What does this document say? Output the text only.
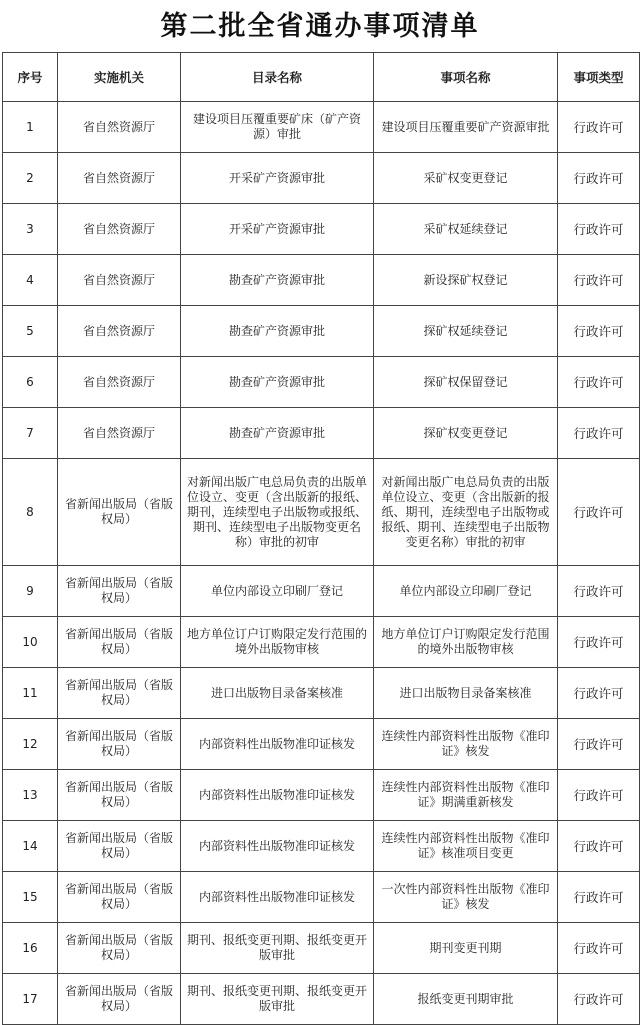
第二批全省通办事项清单
序号	实施机关	目录名称	事项名称	事项类型
1	省自然资源厅	建设项目压覆重要矿床（矿产资源）审批	建设项目压覆重要矿产资源审批	行政许可
2	省自然资源厅	开采矿产资源审批	采矿权变更登记	行政许可
3	省自然资源厅	开采矿产资源审批	采矿权延续登记	行政许可
4	省自然资源厅	勘查矿产资源审批	新设探矿权登记	行政许可
5	省自然资源厅	勘查矿产资源审批	探矿权延续登记	行政许可
6	省自然资源厅	勘查矿产资源审批	探矿权保留登记	行政许可
7	省自然资源厅	勘查矿产资源审批	探矿权变更登记	行政许可
8	省新闻出版局（省版权局）	对新闻出版广电总局负责的出版单位设立、变更（含出版新的报纸、期刊，连续型电子出版物或报纸、期刊、连续型电子出版物变更名称）审批的初审	对新闻出版广电总局负责的出版单位设立、变更（含出版新的报纸、期刊，连续型电子出版物或报纸、期刊、连续型电子出版物变更名称）审批的初审	行政许可
9	省新闻出版局（省版权局）	单位内部设立印刷厂登记	单位内部设立印刷厂登记	行政许可
10	省新闻出版局（省版权局）	地方单位订户订购限定发行范围的境外出版物审核	地方单位订户订购限定发行范围的境外出版物审核	行政许可
11	省新闻出版局（省版权局）	进口出版物目录备案核准	进口出版物目录备案核准	行政许可
12	省新闻出版局（省版权局）	内部资料性出版物准印证核发	连续性内部资料性出版物《准印证》核发	行政许可
13	省新闻出版局（省版权局）	内部资料性出版物准印证核发	连续性内部资料性出版物《准印证》期满重新核发	行政许可
14	省新闻出版局（省版权局）	内部资料性出版物准印证核发	连续性内部资料性出版物《准印证》核准项目变更	行政许可
15	省新闻出版局（省版权局）	内部资料性出版物准印证核发	一次性内部资料性出版物《准印证》核发	行政许可
16	省新闻出版局（省版权局）	期刊、报纸变更刊期、报纸变更开版审批	期刊变更刊期	行政许可
17	省新闻出版局（省版权局）	期刊、报纸变更刊期、报纸变更开版审批	报纸变更刊期审批	行政许可
